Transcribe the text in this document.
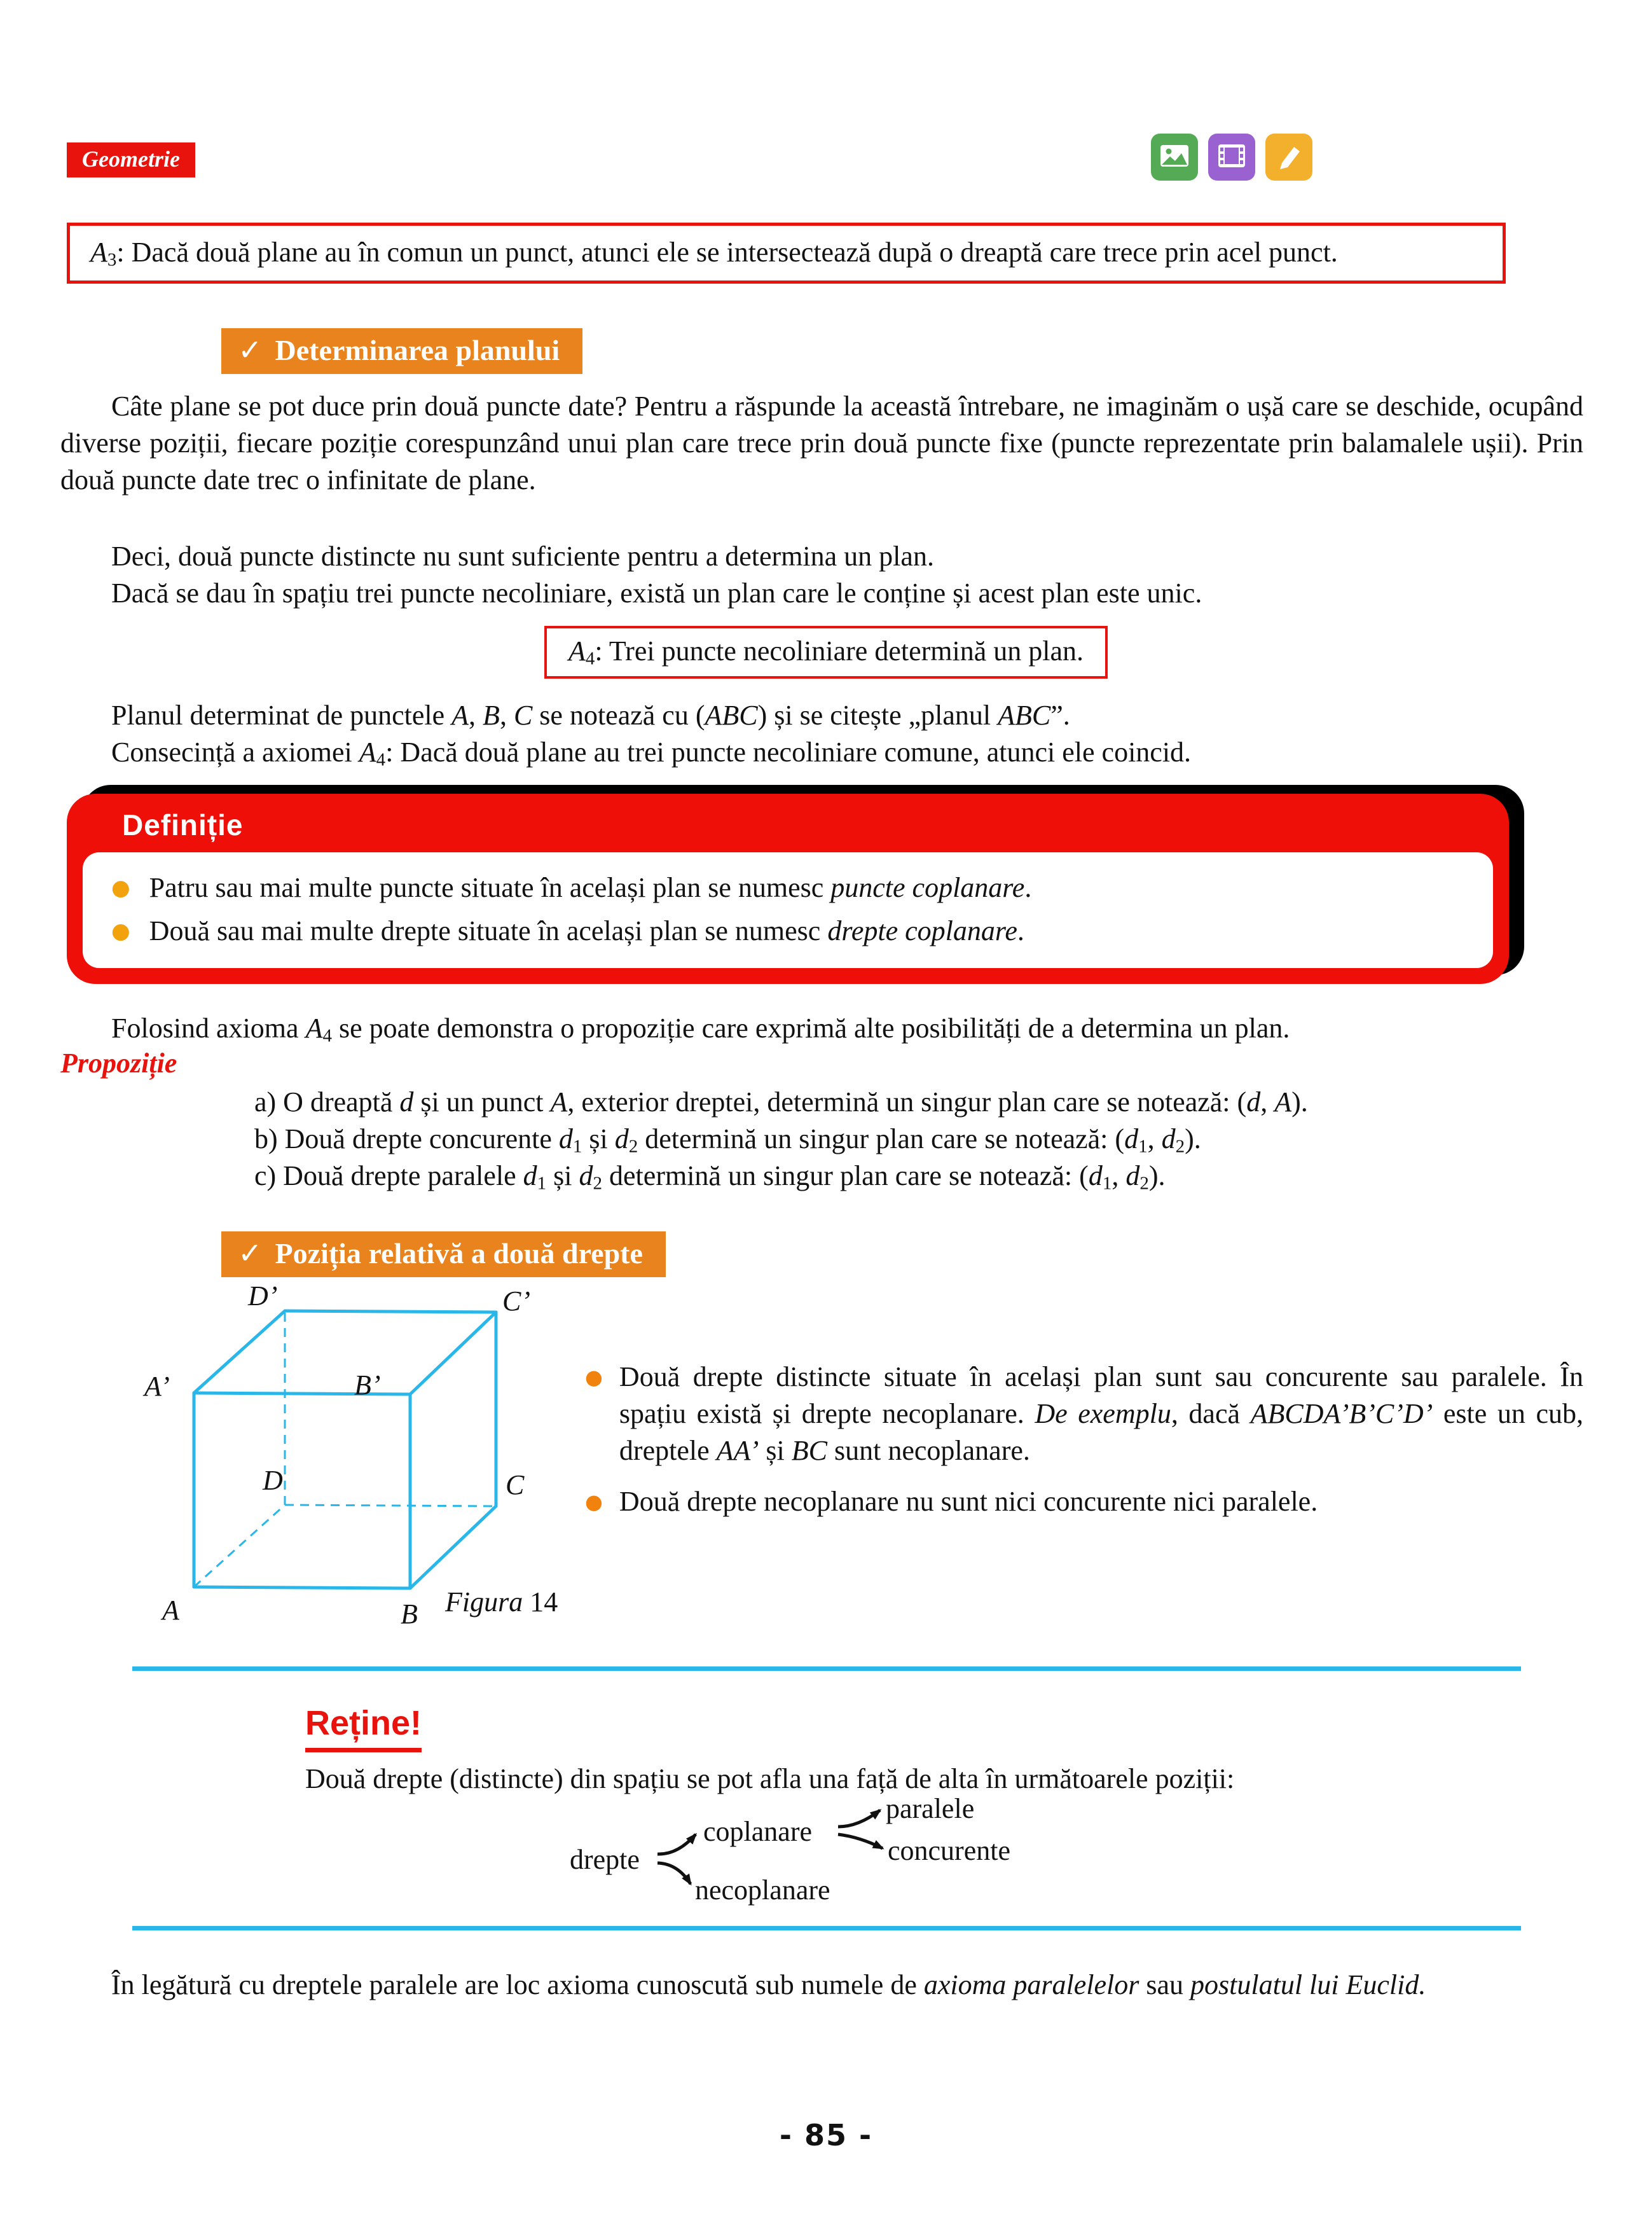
Geometrie
$A_3$: Dacă două plane au în comun un punct, atunci ele se intersectează după o dreaptă care trece prin acel punct.
✓ Determinarea planului
Câte plane se pot duce prin două puncte date? Pentru a răspunde la această întrebare, ne imaginăm o ușă care se deschide, ocupând diverse poziții, fiecare poziție corespunzând unui plan care trece prin două puncte fixe (puncte reprezentate prin balamalele ușii). Prin două puncte date trec o infinitate de plane.
Deci, două puncte distincte nu sunt suficiente pentru a determina un plan.
Dacă se dau în spațiu trei puncte necoliniare, există un plan care le conține și acest plan este unic.
$A_4$: Trei puncte necoliniare determină un plan.
Planul determinat de punctele A, B, C se notează cu (ABC) și se citește „planul ABC”.
Consecință a axiomei $A_4$: Dacă două plane au trei puncte necoliniare comune, atunci ele coincid.
Definiție
● Patru sau mai multe puncte situate în același plan se numesc puncte coplanare.
● Două sau mai multe drepte situate în același plan se numesc drepte coplanare.
Folosind axioma $A_4$ se poate demonstra o propoziție care exprimă alte posibilități de a determina un plan.
Propoziție
a) O dreaptă d și un punct A, exterior dreptei, determină un singur plan care se notează: (d, A).
b) Două drepte concurente $d_1$ și $d_2$ determină un singur plan care se notează: ($d_1$, $d_2$).
c) Două drepte paralele $d_1$ și $d_2$ determină un singur plan care se notează: ($d_1$, $d_2$).
✓ Poziția relativă a două drepte
D’	C’
A’	B’
D	C
A	B Figura 14
● Două drepte distincte situate în același plan sunt sau concurente sau paralele. În spațiu există și drepte necoplanare. De exemplu, dacă ABCDA’B’C’D’ este un cub, dreptele AA’ și BC sunt necoplanare.
● Două drepte necoplanare nu sunt nici concurente nici paralele.
Reține!
Două drepte (distincte) din spațiu se pot afla una față de alta în următoarele poziții:
drepte
coplanare
necoplanare
paralele
concurente
În legătură cu dreptele paralele are loc axioma cunoscută sub numele de axioma paralelelor sau postulatul lui Euclid.
- 85 -
